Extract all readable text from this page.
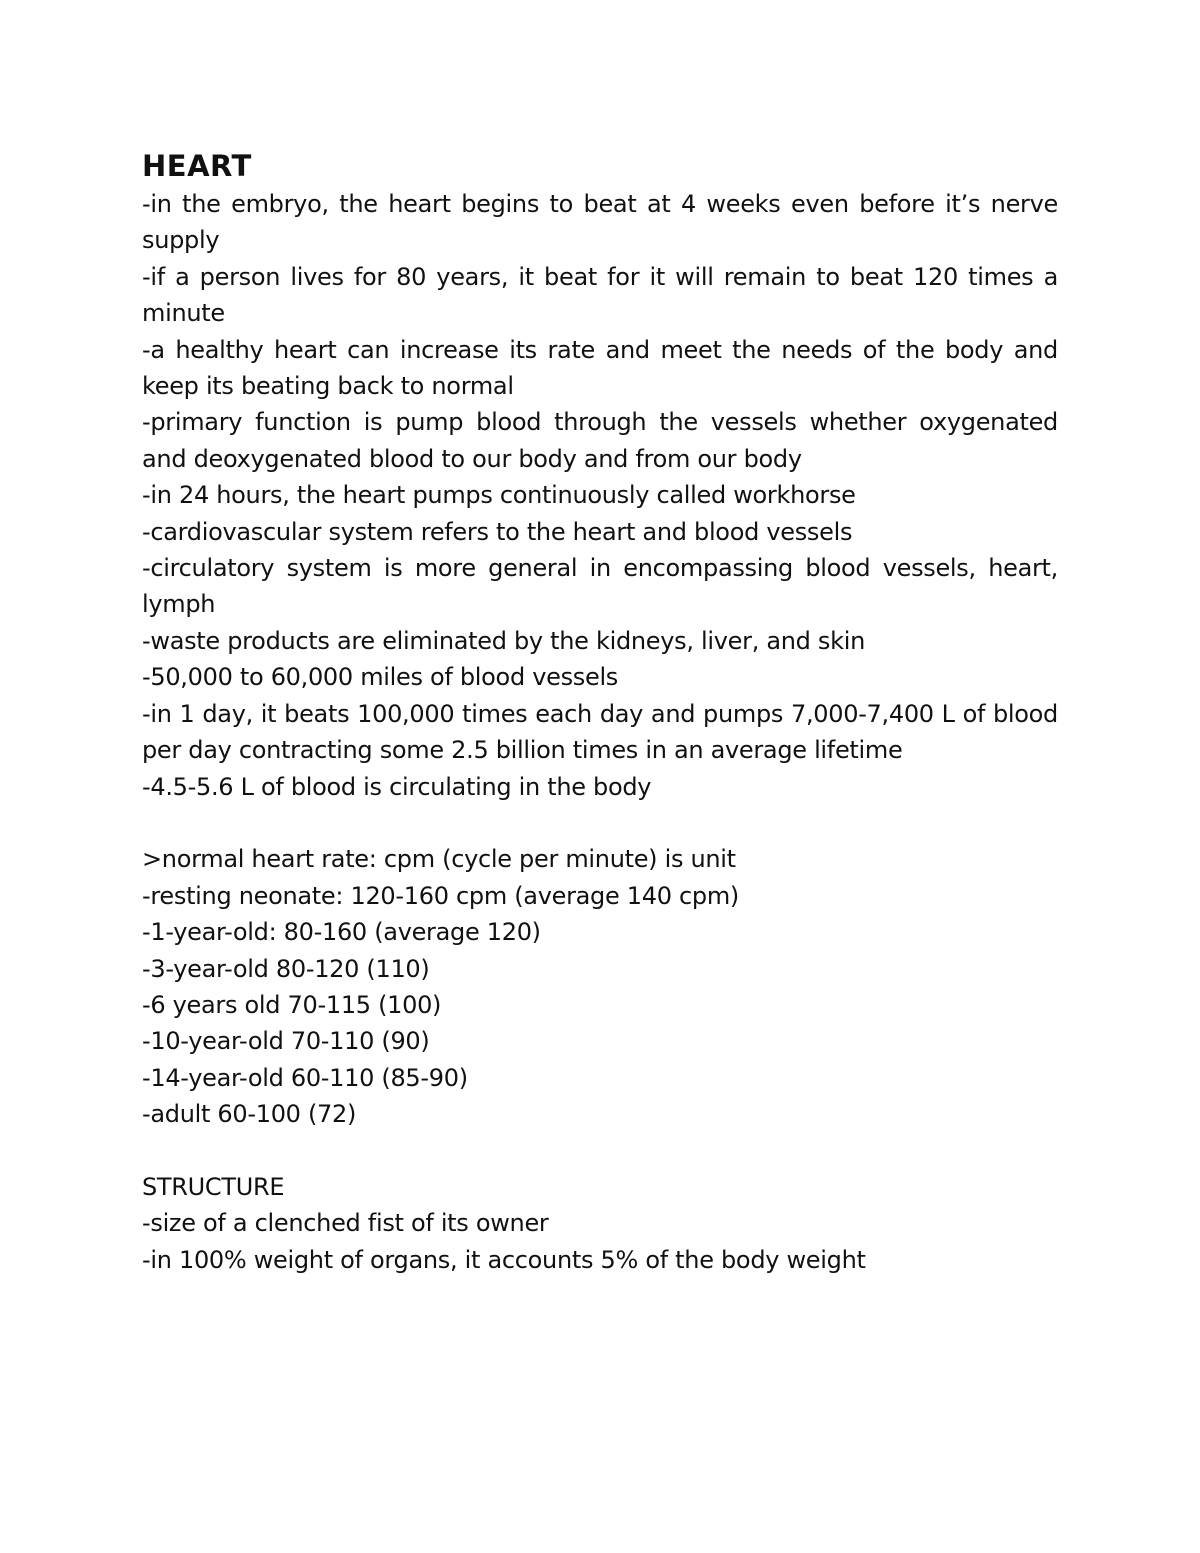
HEART

-in the embryo, the heart begins to beat at 4 weeks even before it’s nerve supply

-if a person lives for 80 years, it beat for it will remain to beat 120 times a minute

-a healthy heart can increase its rate and meet the needs of the body and keep its beating back to normal

-primary function is pump blood through the vessels whether oxygenated and deoxygenated blood to our body and from our body

-in 24 hours, the heart pumps continuously called workhorse

-cardiovascular system refers to the heart and blood vessels

-circulatory system is more general in encompassing blood vessels, heart, lymph

-waste products are eliminated by the kidneys, liver, and skin

-50,000 to 60,000 miles of blood vessels

-in 1 day, it beats 100,000 times each day and pumps 7,000-7,400 L of blood per day contracting some 2.5 billion times in an average lifetime

-4.5-5.6 L of blood is circulating in the body

>normal heart rate: cpm (cycle per minute) is unit

-resting neonate: 120-160 cpm (average 140 cpm)

-1-year-old: 80-160 (average 120)

-3-year-old 80-120 (110)

-6 years old 70-115 (100)

-10-year-old 70-110 (90)

-14-year-old 60-110 (85-90)

-adult 60-100 (72)

STRUCTURE

-size of a clenched fist of its owner

-in 100% weight of organs, it accounts 5% of the body weight
